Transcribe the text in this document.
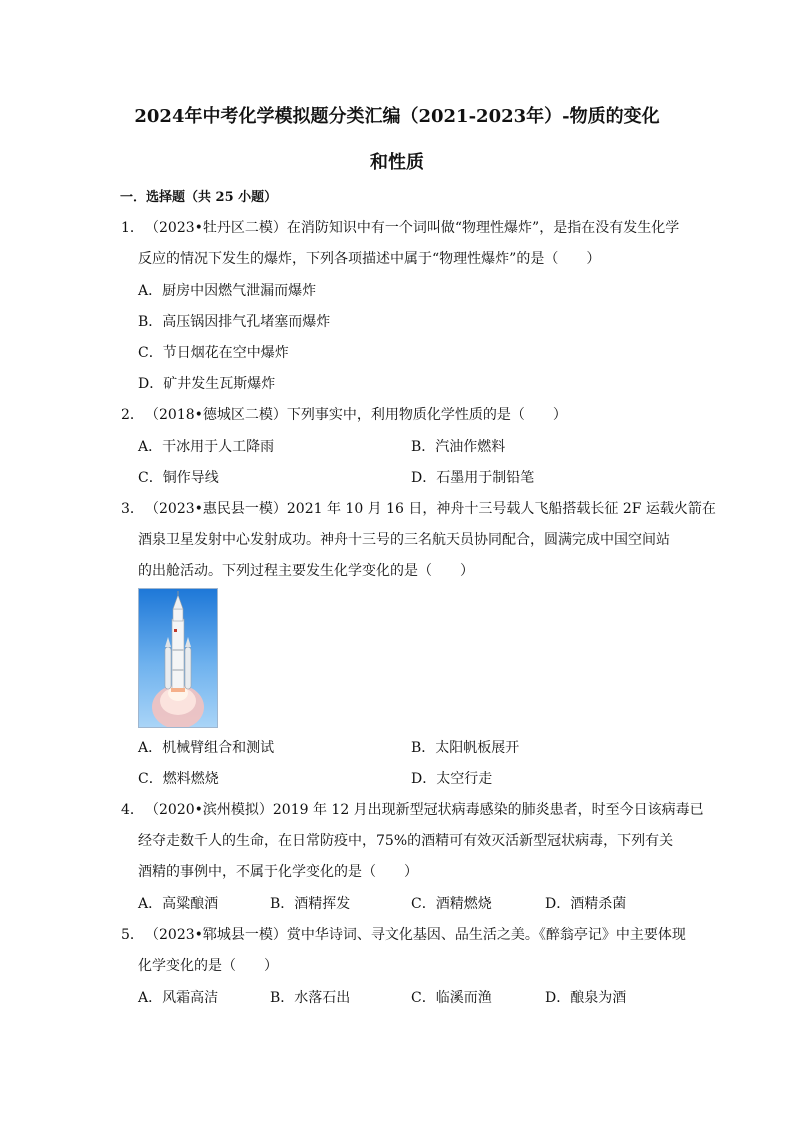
2024年中考化学模拟题分类汇编（2021-2023年）-物质的变化
和性质
一．选择题（共 25 小题）
1． （2023•牡丹区二模）在消防知识中有一个词叫做“物理性爆炸”，是指在没有发生化学
反应的情况下发生的爆炸，下列各项描述中属于“物理性爆炸”的是（　　）
A．厨房中因燃气泄漏而爆炸
B．高压锅因排气孔堵塞而爆炸
C．节日烟花在空中爆炸
D．矿井发生瓦斯爆炸
2． （2018•德城区二模）下列事实中，利用物质化学性质的是（　　）
A．干冰用于人工降雨	B．汽油作燃料
C．铜作导线	D．石墨用于制铅笔
3． （2023•惠民县一模）2021 年 10 月 16 日，神舟十三号载人飞船搭载长征 2F 运载火箭在
酒泉卫星发射中心发射成功。神舟十三号的三名航天员协同配合，圆满完成中国空间站
的出舱活动。下列过程主要发生化学变化的是（　　）
A．机械臂组合和测试	B．太阳帆板展开
C．燃料燃烧	D．太空行走
4． （2020•滨州模拟）2019 年 12 月出现新型冠状病毒感染的肺炎患者，时至今日该病毒已
经夺走数千人的生命，在日常防疫中，75%的酒精可有效灭活新型冠状病毒，下列有关
酒精的事例中，不属于化学变化的是（　　）
A．高粱酿酒	B．酒精挥发	C．酒精燃烧	D．酒精杀菌
5． （2023•郓城县一模）赏中华诗词、寻文化基因、品生活之美。《醉翁亭记》中主要体现
化学变化的是（　　）
A．风霜高洁	B．水落石出	C．临溪而渔	D．酿泉为酒
